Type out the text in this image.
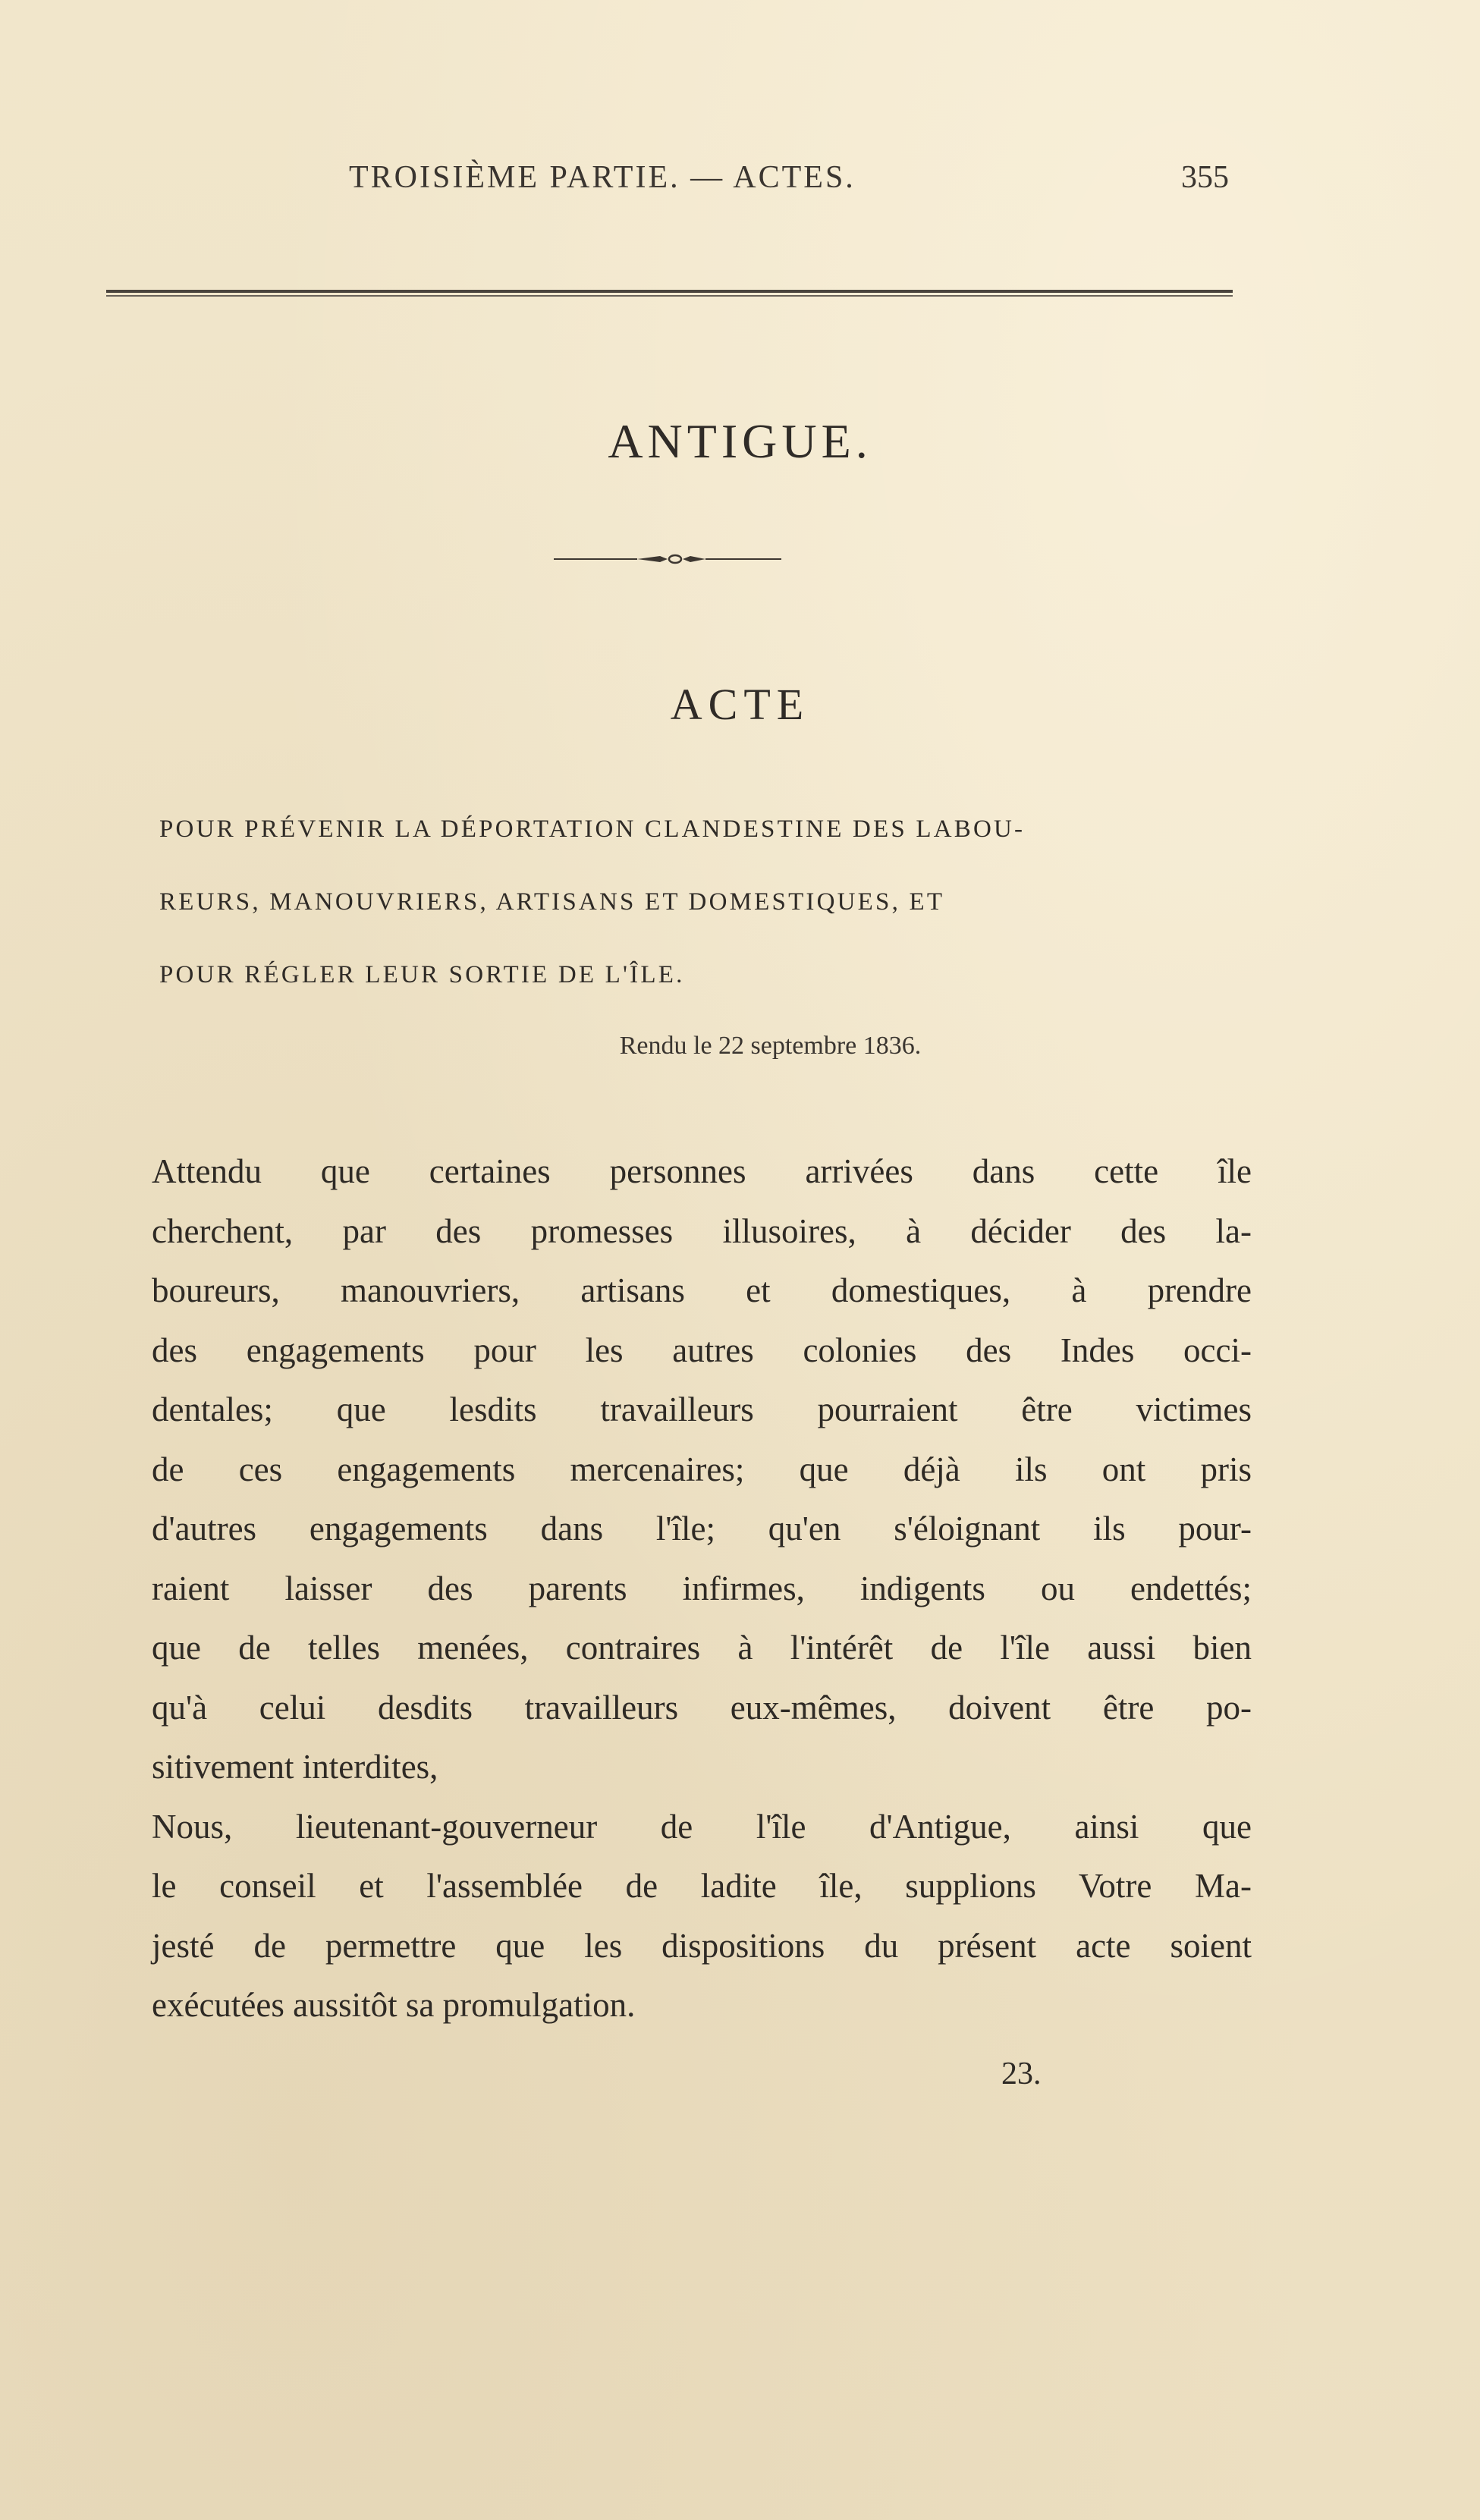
TROISIÈME PARTIE. — ACTES.	355
ANTIGUE.
ACTE
POUR PRÉVENIR LA DÉPORTATION CLANDESTINE DES LABOU-
REURS, MANOUVRIERS, ARTISANS ET DOMESTIQUES, ET
POUR RÉGLER LEUR SORTIE DE L'ÎLE.
Rendu le 22 septembre 1836.
Attendu que certaines personnes arrivées dans cette île
cherchent, par des promesses illusoires, à décider des la-
boureurs, manouvriers, artisans et domestiques, à prendre
des engagements pour les autres colonies des Indes occi-
dentales; que lesdits travailleurs pourraient être victimes
de ces engagements mercenaires; que déjà ils ont pris
d'autres engagements dans l'île; qu'en s'éloignant ils pour-
raient laisser des parents infirmes, indigents ou endettés;
que de telles menées, contraires à l'intérêt de l'île aussi bien
qu'à celui desdits travailleurs eux-mêmes, doivent être po-
sitivement interdites,
Nous, lieutenant-gouverneur de l'île d'Antigue, ainsi que
le conseil et l'assemblée de ladite île, supplions Votre Ma-
jesté de permettre que les dispositions du présent acte soient
exécutées aussitôt sa promulgation.
23.
